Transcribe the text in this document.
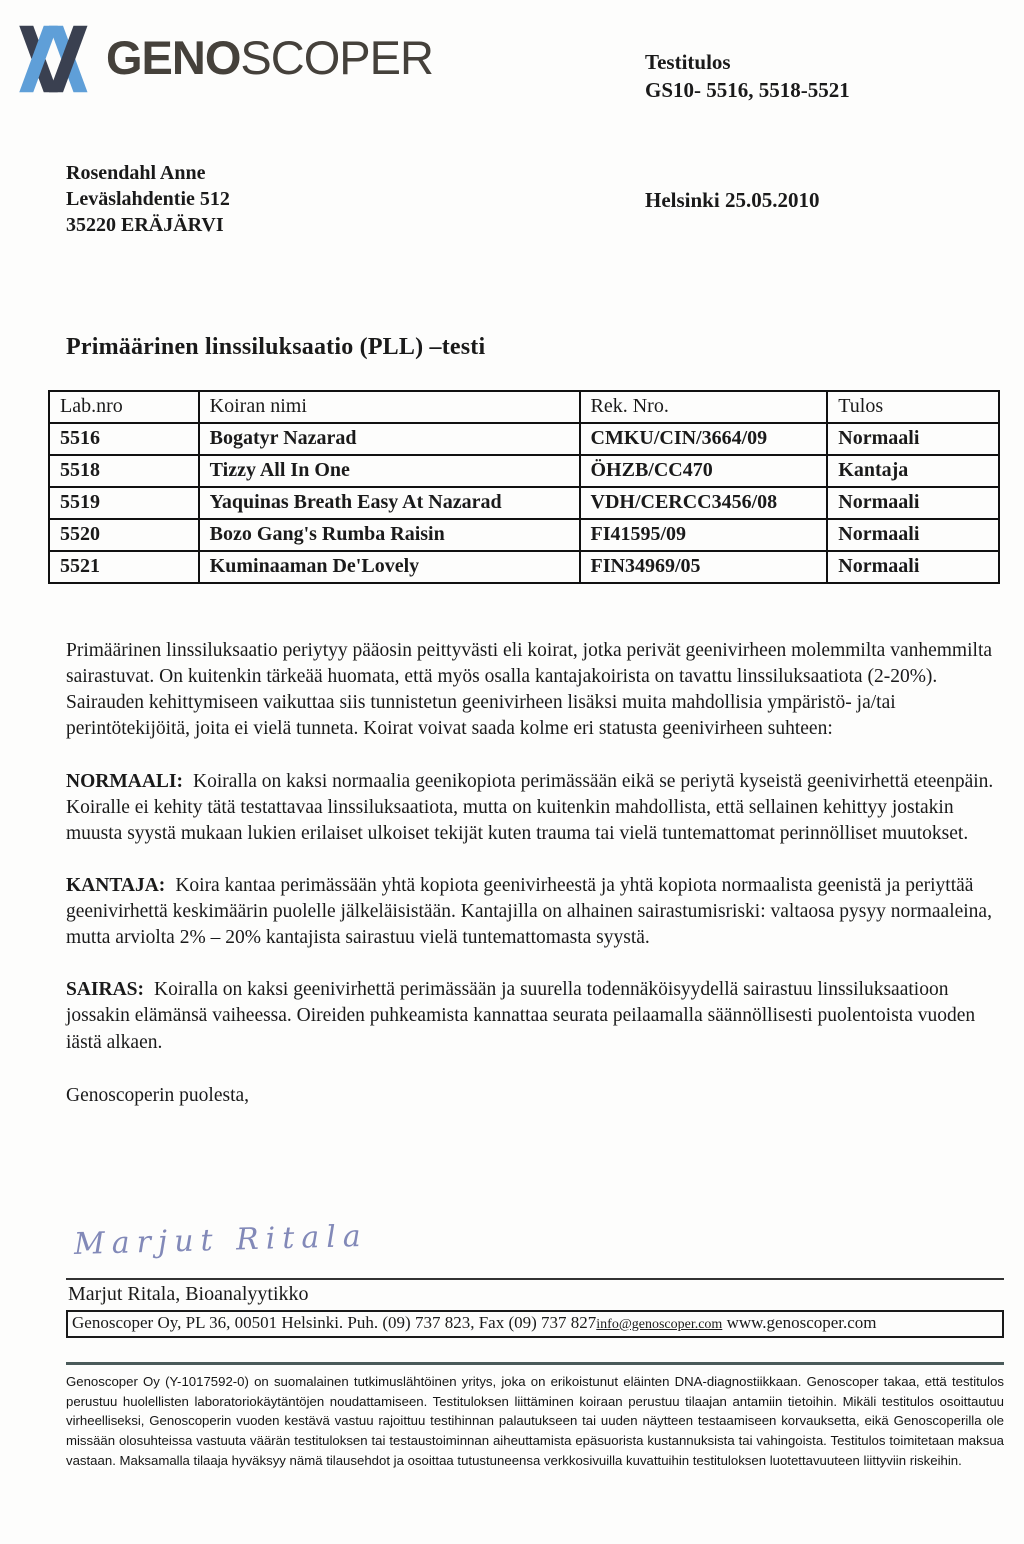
GENOSCOPER	Testitulos
GS10- 5516, 5518-5521
Helsinki 25.05.2010
Rosendahl Anne
Leväslahdentie 512
35220 ERÄJÄRVI
Primäärinen linssiluksaatio (PLL) –testi
Lab.nro	Koiran nimi	Rek. Nro.	Tulos
5516	Bogatyr Nazarad	CMKU/CIN/3664/09	Normaali
5518	Tizzy All In One	ÖHZB/CC470	Kantaja
5519	Yaquinas Breath Easy At Nazarad	VDH/CERCC3456/08	Normaali
5520	Bozo Gang's Rumba Raisin	FI41595/09	Normaali
5521	Kuminaaman De'Lovely	FIN34969/05	Normaali

Primäärinen linssiluksaatio periytyy pääosin peittyvästi eli koirat, jotka perivät geenivirheen molemmilta vanhemmilta sairastuvat. On kuitenkin tärkeää huomata, että myös osalla kantajakoirista on tavattu linssiluksaatiota (2-20%). Sairauden kehittymiseen vaikuttaa siis tunnistetun geenivirheen lisäksi muita mahdollisia ympäristö- ja/tai perintötekijöitä, joita ei vielä tunneta. Koirat voivat saada kolme eri statusta geenivirheen suhteen:

NORMAALI: Koiralla on kaksi normaalia geenikopiota perimässään eikä se periytä kyseistä geenivirhettä eteenpäin. Koiralle ei kehity tätä testattavaa linssiluksaatiota, mutta on kuitenkin mahdollista, että sellainen kehittyy jostakin muusta syystä mukaan lukien erilaiset ulkoiset tekijät kuten trauma tai vielä tuntemattomat perinnölliset muutokset.

KANTAJA: Koira kantaa perimässään yhtä kopiota geenivirheestä ja yhtä kopiota normaalista geenistä ja periyttää geenivirhettä keskimäärin puolelle jälkeläisistään. Kantajilla on alhainen sairastumisriski: valtaosa pysyy normaaleina, mutta arviolta 2% – 20% kantajista sairastuu vielä tuntemattomasta syystä.

SAIRAS: Koiralla on kaksi geenivirhettä perimässään ja suurella todennäköisyydellä sairastuu linssiluksaatioon jossakin elämänsä vaiheessa. Oireiden puhkeamista kannattaa seurata peilaamalla säännöllisesti puolentoista vuoden iästä alkaen.

Genoscoperin puolesta,

Marjut Ritala
Marjut Ritala, Bioanalyytikko
Genoscoper Oy, PL 36, 00501 Helsinki. Puh. (09) 737 823, Fax (09) 737 827info@genoscoper.com www.genoscoper.com

Genoscoper Oy (Y-1017592-0) on suomalainen tutkimuslähtöinen yritys, joka on erikoistunut eläinten DNA-diagnostiikkaan. Genoscoper takaa, että testitulos perustuu huolellisten laboratoriokäytäntöjen noudattamiseen. Testituloksen liittäminen koiraan perustuu tilaajan antamiin tietoihin. Mikäli testitulos osoittautuu virheelliseksi, Genoscoperin vuoden kestävä vastuu rajoittuu testihinnan palautukseen tai uuden näytteen testaamiseen korvauksetta, eikä Genoscoperilla ole missään olosuhteissa vastuuta väärän testituloksen tai testaustoiminnan aiheuttamista epäsuorista kustannuksista tai vahingoista. Testitulos toimitetaan maksua vastaan. Maksamalla tilaaja hyväksyy nämä tilausehdot ja osoittaa tutustuneensa verkkosivuilla kuvattuihin testituloksen luotettavuuteen liittyviin riskeihin.
